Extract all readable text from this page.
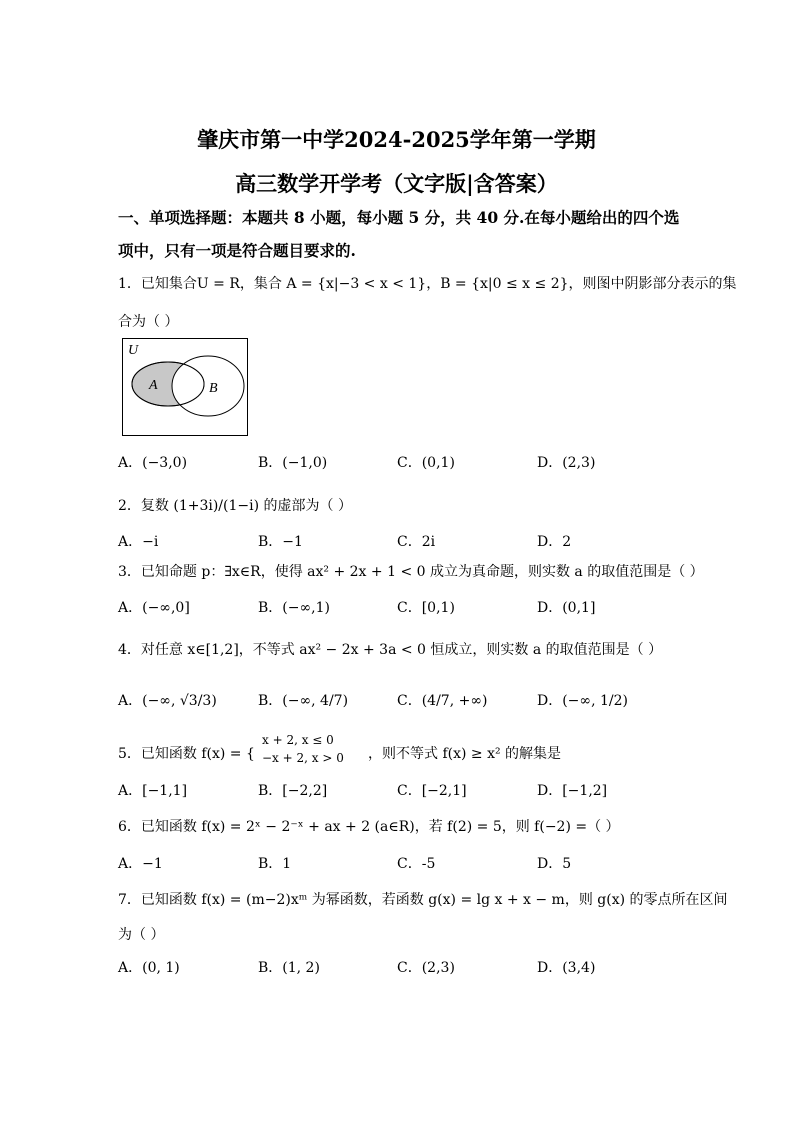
肇庆市第一中学2024-2025学年第一学期
高三数学开学考（文字版|含答案）
一、单项选择题：本题共 8 小题，每小题 5 分，共 40 分.在每小题给出的四个选
项中，只有一项是符合题目要求的.
1．已知集合U = R，集合 A = {x|−3 < x < 1}，B = {x|0 ≤ x ≤ 2}，则图中阴影部分表示的集
合为（ ）
U
A	B
A．(−3,0)	B．(−1,0)	C．(0,1)	D．(2,3)
2．复数 (1+3i)/(1−i) 的虚部为（ ）
A．−i	B．−1	C．2i	D．2
3．已知命题 p：∃x∈R，使得 ax² + 2x + 1 < 0 成立为真命题，则实数 a 的取值范围是（ ）
A．(−∞,0]	B．(−∞,1)	C．[0,1)	D．(0,1]
4．对任意 x∈[1,2]，不等式 ax² − 2x + 3a < 0 恒成立，则实数 a 的取值范围是（ ）
A．(−∞, √3/3)	B．(−∞, 4/7)	C．(4/7, +∞)	D．(−∞, 1/2)
5．已知函数 f(x) = {
x + 2, x ≤ 0
−x + 2, x > 0 ，则不等式 f(x) ≥ x² 的解集是
A．[−1,1]	B．[−2,2]	C．[−2,1]	D．[−1,2]
6．已知函数 f(x) = 2ˣ − 2⁻ˣ + ax + 2 (a∈R)，若 f(2) = 5，则 f(−2) =（ ）
A．−1	B．1	C．-5	D．5
7．已知函数 f(x) = (m−2)xᵐ 为幂函数，若函数 g(x) = lg x + x − m，则 g(x) 的零点所在区间
为（ ）
A．(0, 1)	B．(1, 2)	C．(2,3)	D．(3,4)
